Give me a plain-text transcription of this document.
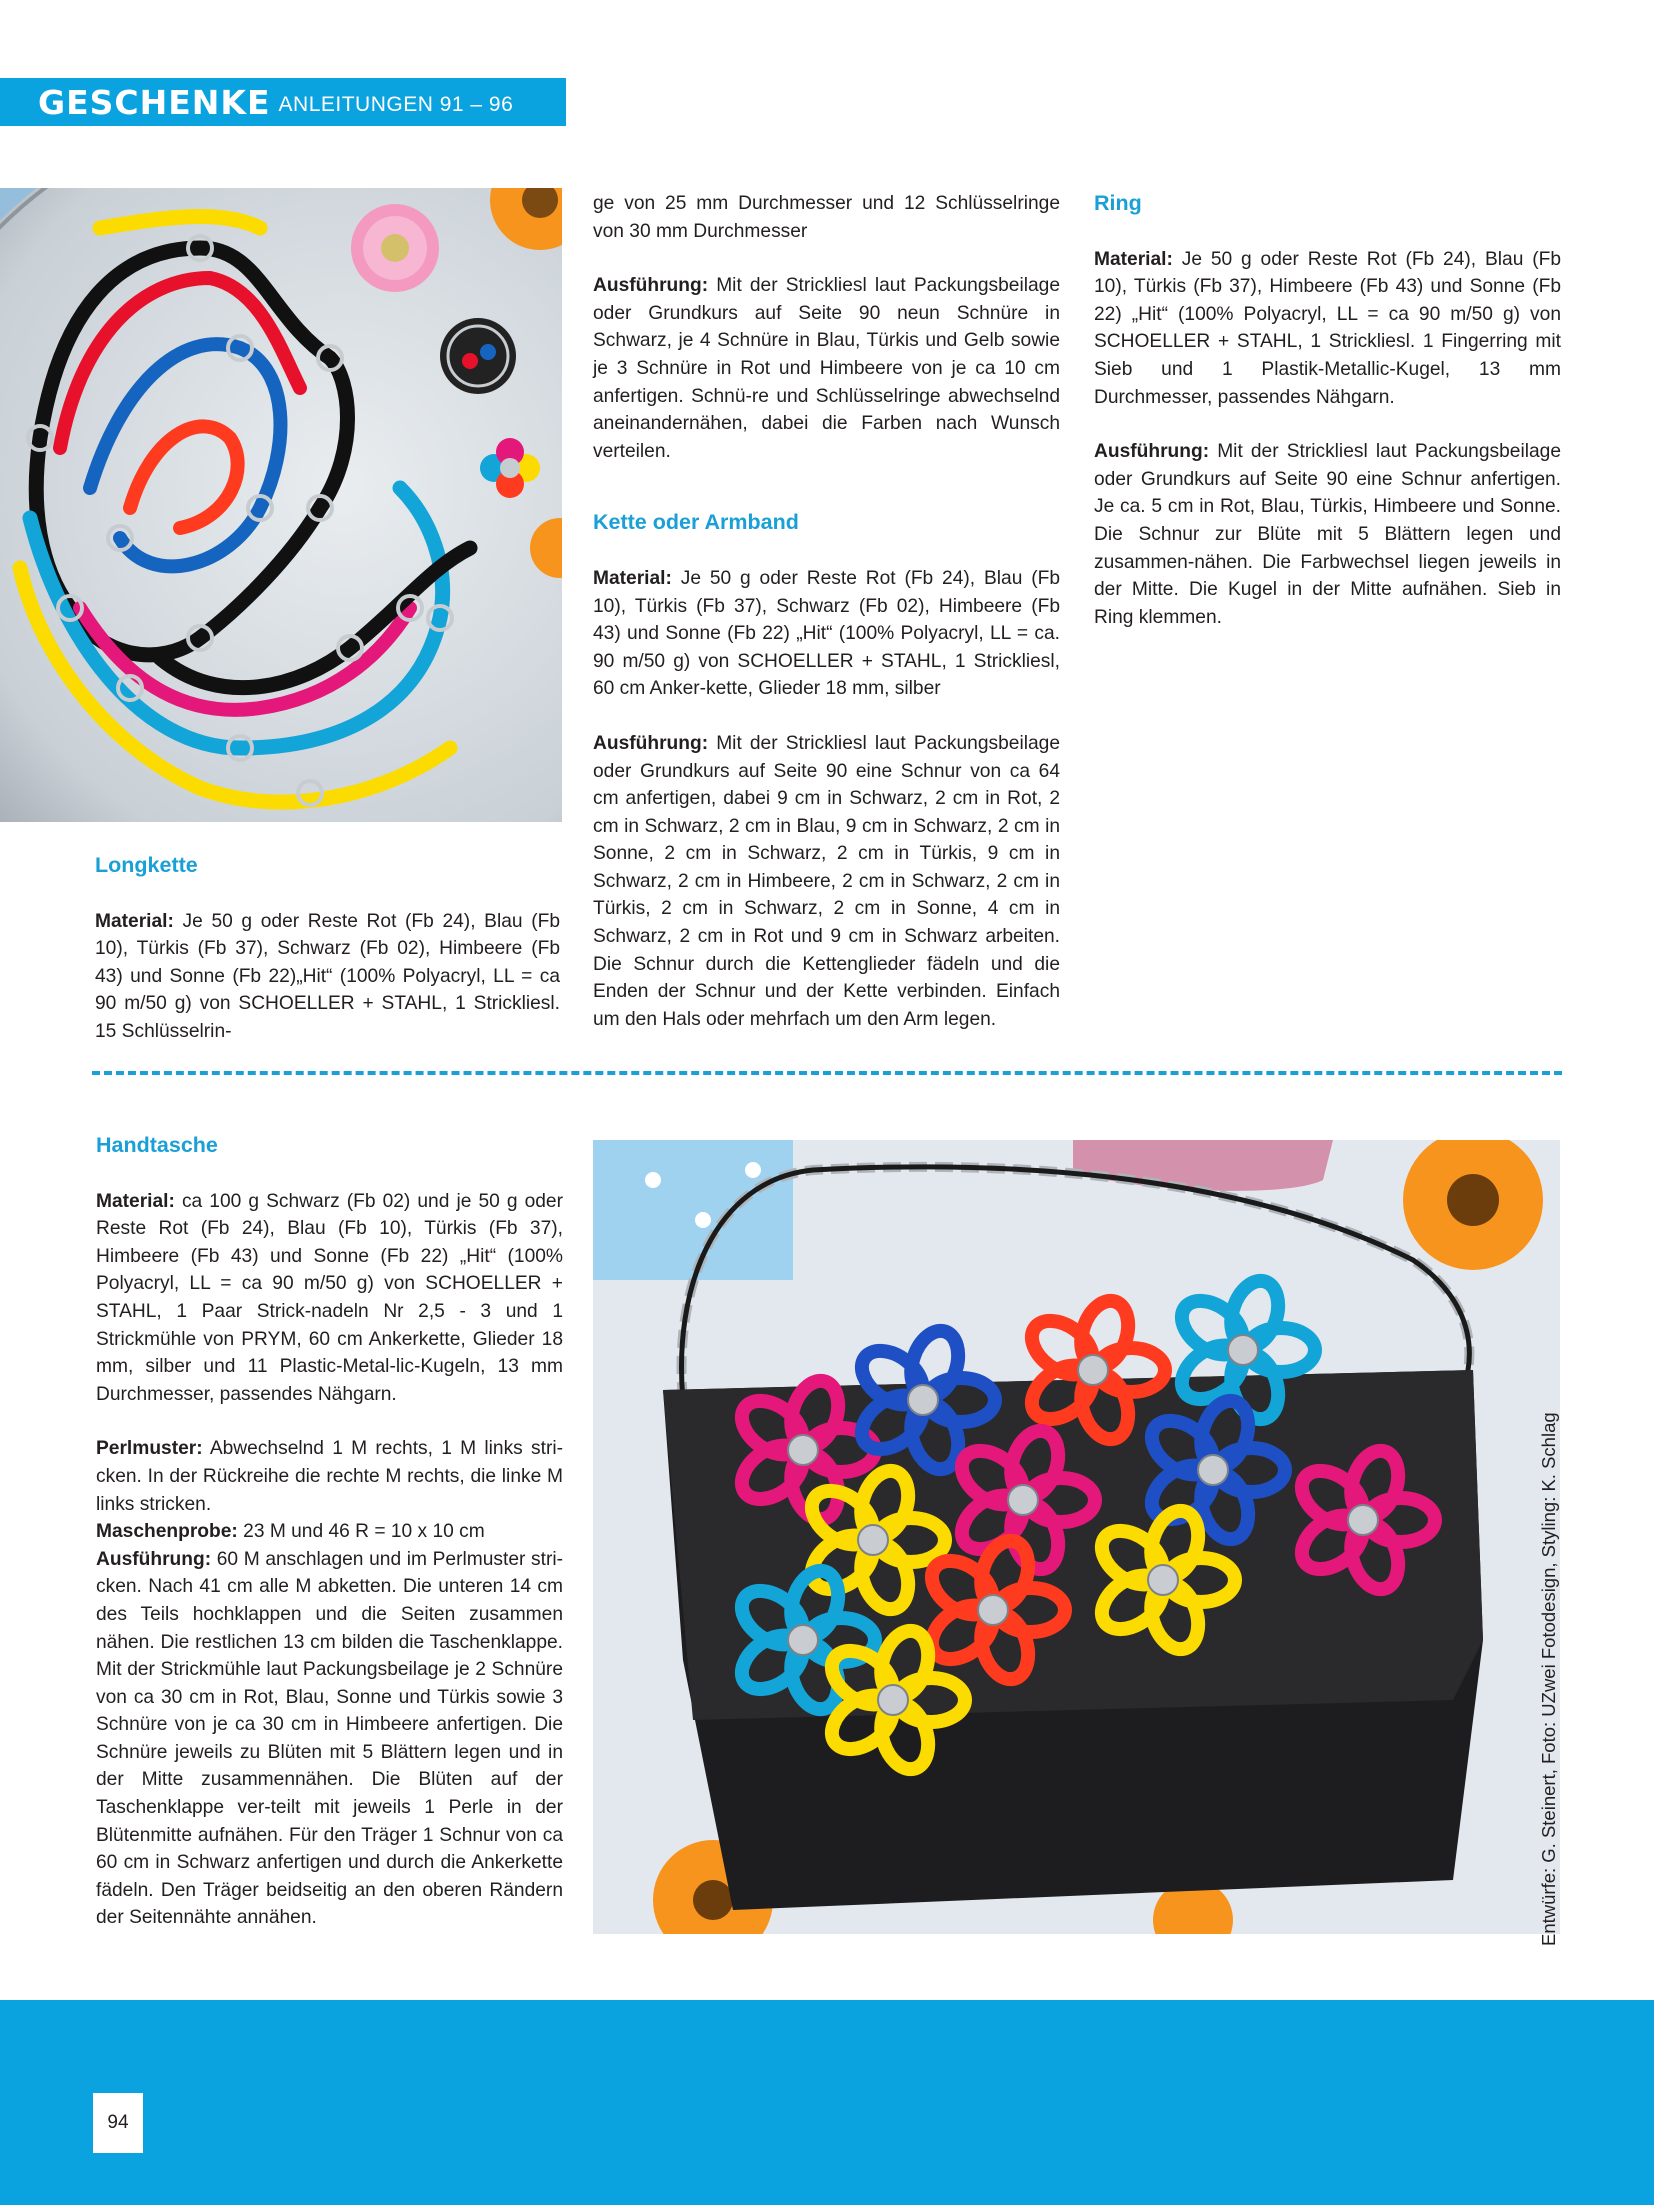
GESCHENKE ANLEITUNGEN 91 – 96
Longkette

Material: Je 50 g oder Reste Rot (Fb 24), Blau (Fb 10), Türkis (Fb 37), Schwarz (Fb 02), Himbeere (Fb 43) und Sonne (Fb 22)„Hit“ (100% Polyacryl, LL = ca 90 m/50 g) von SCHOELLER + STAHL, 1 Strickliesl. 15 Schlüsselrin-

ge von 25 mm Durchmesser und 12 Schlüsselringe von 30 mm Durchmesser

Ausführung: Mit der Strickliesl laut Packungsbeilage oder Grundkurs auf Seite 90 neun Schnüre in Schwarz, je 4 Schnüre in Blau, Türkis und Gelb sowie je 3 Schnüre in Rot und Himbeere von je ca 10 cm anfertigen. Schnü-re und Schlüsselringe abwechselnd aneinandernähen, dabei die Farben nach Wunsch verteilen.

Kette oder Armband

Material: Je 50 g oder Reste Rot (Fb 24), Blau (Fb 10), Türkis (Fb 37), Schwarz (Fb 02), Himbeere (Fb 43) und Sonne (Fb 22) „Hit“ (100% Polyacryl, LL = ca. 90 m/50 g) von SCHOELLER + STAHL, 1 Strickliesl, 60 cm Anker-kette, Glieder 18 mm, silber

Ausführung: Mit der Strickliesl laut Packungsbeilage oder Grundkurs auf Seite 90 eine Schnur von ca 64 cm anfertigen, dabei 9 cm in Schwarz, 2 cm in Rot, 2 cm in Schwarz, 2 cm in Blau, 9 cm in Schwarz, 2 cm in Sonne, 2 cm in Schwarz, 2 cm in Türkis, 9 cm in Schwarz, 2 cm in Himbeere, 2 cm in Schwarz, 2 cm in Türkis, 2 cm in Schwarz, 2 cm in Sonne, 4 cm in Schwarz, 2 cm in Rot und 9 cm in Schwarz arbeiten. Die Schnur durch die Kettenglieder fädeln und die Enden der Schnur und der Kette verbinden. Einfach um den Hals oder mehrfach um den Arm legen.

Ring

Material: Je 50 g oder Reste Rot (Fb 24), Blau (Fb 10), Türkis (Fb 37), Himbeere (Fb 43) und Sonne (Fb 22) „Hit“ (100% Polyacryl, LL = ca 90 m/50 g) von SCHOELLER + STAHL, 1 Strickliesl. 1 Fingerring mit Sieb und 1 Plastik-Metallic-Kugel, 13 mm Durchmesser, passendes Nähgarn.

Ausführung: Mit der Strickliesl laut Packungsbeilage oder Grundkurs auf Seite 90 eine Schnur anfertigen. Je ca. 5 cm in Rot, Blau, Türkis, Himbeere und Sonne. Die Schnur zur Blüte mit 5 Blättern legen und zusammen-nähen. Die Farbwechsel liegen jeweils in der Mitte. Die Kugel in der Mitte aufnähen. Sieb in Ring klemmen.

Handtasche

Material: ca 100 g Schwarz (Fb 02) und je 50 g oder Reste Rot (Fb 24), Blau (Fb 10), Türkis (Fb 37), Himbeere (Fb 43) und Sonne (Fb 22) „Hit“ (100% Polyacryl, LL = ca 90 m/50 g) von SCHOELLER + STAHL, 1 Paar Strick-nadeln Nr 2,5 - 3 und 1 Strickmühle von PRYM, 60 cm Ankerkette, Glieder 18 mm, silber und 11 Plastic-Metal-lic-Kugeln, 13 mm Durchmesser, passendes Nähgarn.

Perlmuster: Abwechselnd 1 M rechts, 1 M links stri-cken. In der Rückreihe die rechte M rechts, die linke M links stricken.

Maschenprobe: 23 M und 46 R = 10 x 10 cm

Ausführung: 60 M anschlagen und im Perlmuster stri-cken. Nach 41 cm alle M abketten. Die unteren 14 cm des Teils hochklappen und die Seiten zusammen nähen. Die restlichen 13 cm bilden die Taschenklappe. Mit der Strickmühle laut Packungsbeilage je 2 Schnüre von ca 30 cm in Rot, Blau, Sonne und Türkis sowie 3 Schnüre von je ca 30 cm in Himbeere anfertigen. Die Schnüre jeweils zu Blüten mit 5 Blättern legen und in der Mitte zusammennähen. Die Blüten auf der Taschenklappe ver-teilt mit jeweils 1 Perle in der Blütenmitte aufnähen. Für den Träger 1 Schnur von ca 60 cm in Schwarz anfertigen und durch die Ankerkette fädeln. Den Träger beidseitig an den oberen Rändern der Seitennähte annähen.	Entwürfe: G. Steinert, Foto: UZwei Fotodesign, Styling: K. Schlag
94
